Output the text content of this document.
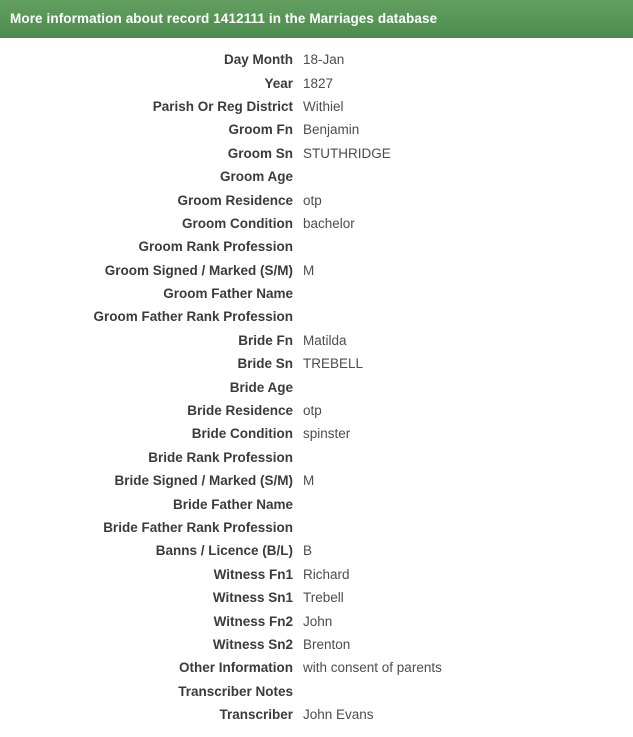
More information about record 1412111 in the Marriages database
Day Month 18-Jan
Year 1827
Parish Or Reg District Withiel
Groom Fn Benjamin
Groom Sn STUTHRIDGE
Groom Age
Groom Residence otp
Groom Condition bachelor
Groom Rank Profession
Groom Signed / Marked (S/M) M
Groom Father Name
Groom Father Rank Profession
Bride Fn Matilda
Bride Sn TREBELL
Bride Age
Bride Residence otp
Bride Condition spinster
Bride Rank Profession
Bride Signed / Marked (S/M) M
Bride Father Name
Bride Father Rank Profession
Banns / Licence (B/L) B
Witness Fn1 Richard
Witness Sn1 Trebell
Witness Fn2 John
Witness Sn2 Brenton
Other Information with consent of parents
Transcriber Notes
Transcriber John Evans
